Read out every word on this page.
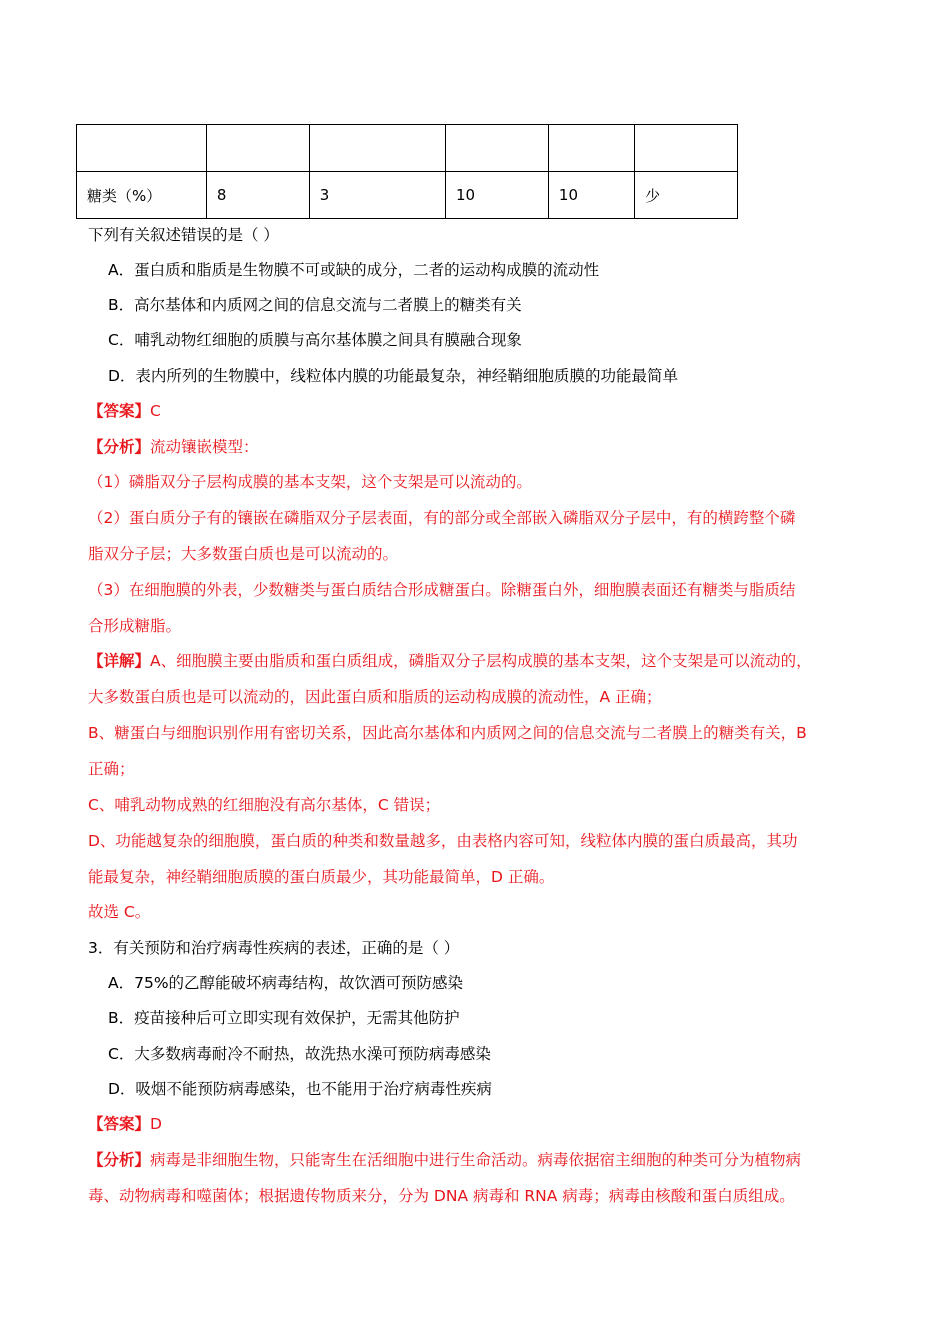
糖类（%）	8	3	10	10	少
下列有关叙述错误的是（ ）
A．蛋白质和脂质是生物膜不可或缺的成分，二者的运动构成膜的流动性
B．高尔基体和内质网之间的信息交流与二者膜上的糖类有关
C．哺乳动物红细胞的质膜与高尔基体膜之间具有膜融合现象
D．表内所列的生物膜中，线粒体内膜的功能最复杂，神经鞘细胞质膜的功能最简单
【答案】C
【分析】流动镶嵌模型：
（1）磷脂双分子层构成膜的基本支架，这个支架是可以流动的。
（2）蛋白质分子有的镶嵌在磷脂双分子层表面，有的部分或全部嵌入磷脂双分子层中，有的横跨整个磷
脂双分子层；大多数蛋白质也是可以流动的。
（3）在细胞膜的外表，少数糖类与蛋白质结合形成糖蛋白。除糖蛋白外，细胞膜表面还有糖类与脂质结
合形成糖脂。
【详解】A、细胞膜主要由脂质和蛋白质组成，磷脂双分子层构成膜的基本支架，这个支架是可以流动的，
大多数蛋白质也是可以流动的，因此蛋白质和脂质的运动构成膜的流动性，A 正确；
B、糖蛋白与细胞识别作用有密切关系，因此高尔基体和内质网之间的信息交流与二者膜上的糖类有关，B
正确；
C、哺乳动物成熟的红细胞没有高尔基体，C 错误；
D、功能越复杂的细胞膜，蛋白质的种类和数量越多，由表格内容可知，线粒体内膜的蛋白质最高，其功
能最复杂，神经鞘细胞质膜的蛋白质最少，其功能最简单，D 正确。
故选 C。
3．有关预防和治疗病毒性疾病的表述，正确的是（ ）
A．75%的乙醇能破坏病毒结构，故饮酒可预防感染
B．疫苗接种后可立即实现有效保护，无需其他防护
C．大多数病毒耐冷不耐热，故洗热水澡可预防病毒感染
D．吸烟不能预防病毒感染，也不能用于治疗病毒性疾病
【答案】D
【分析】病毒是非细胞生物，只能寄生在活细胞中进行生命活动。病毒依据宿主细胞的种类可分为植物病
毒、动物病毒和噬菌体；根据遗传物质来分，分为 DNA 病毒和 RNA 病毒；病毒由核酸和蛋白质组成。
